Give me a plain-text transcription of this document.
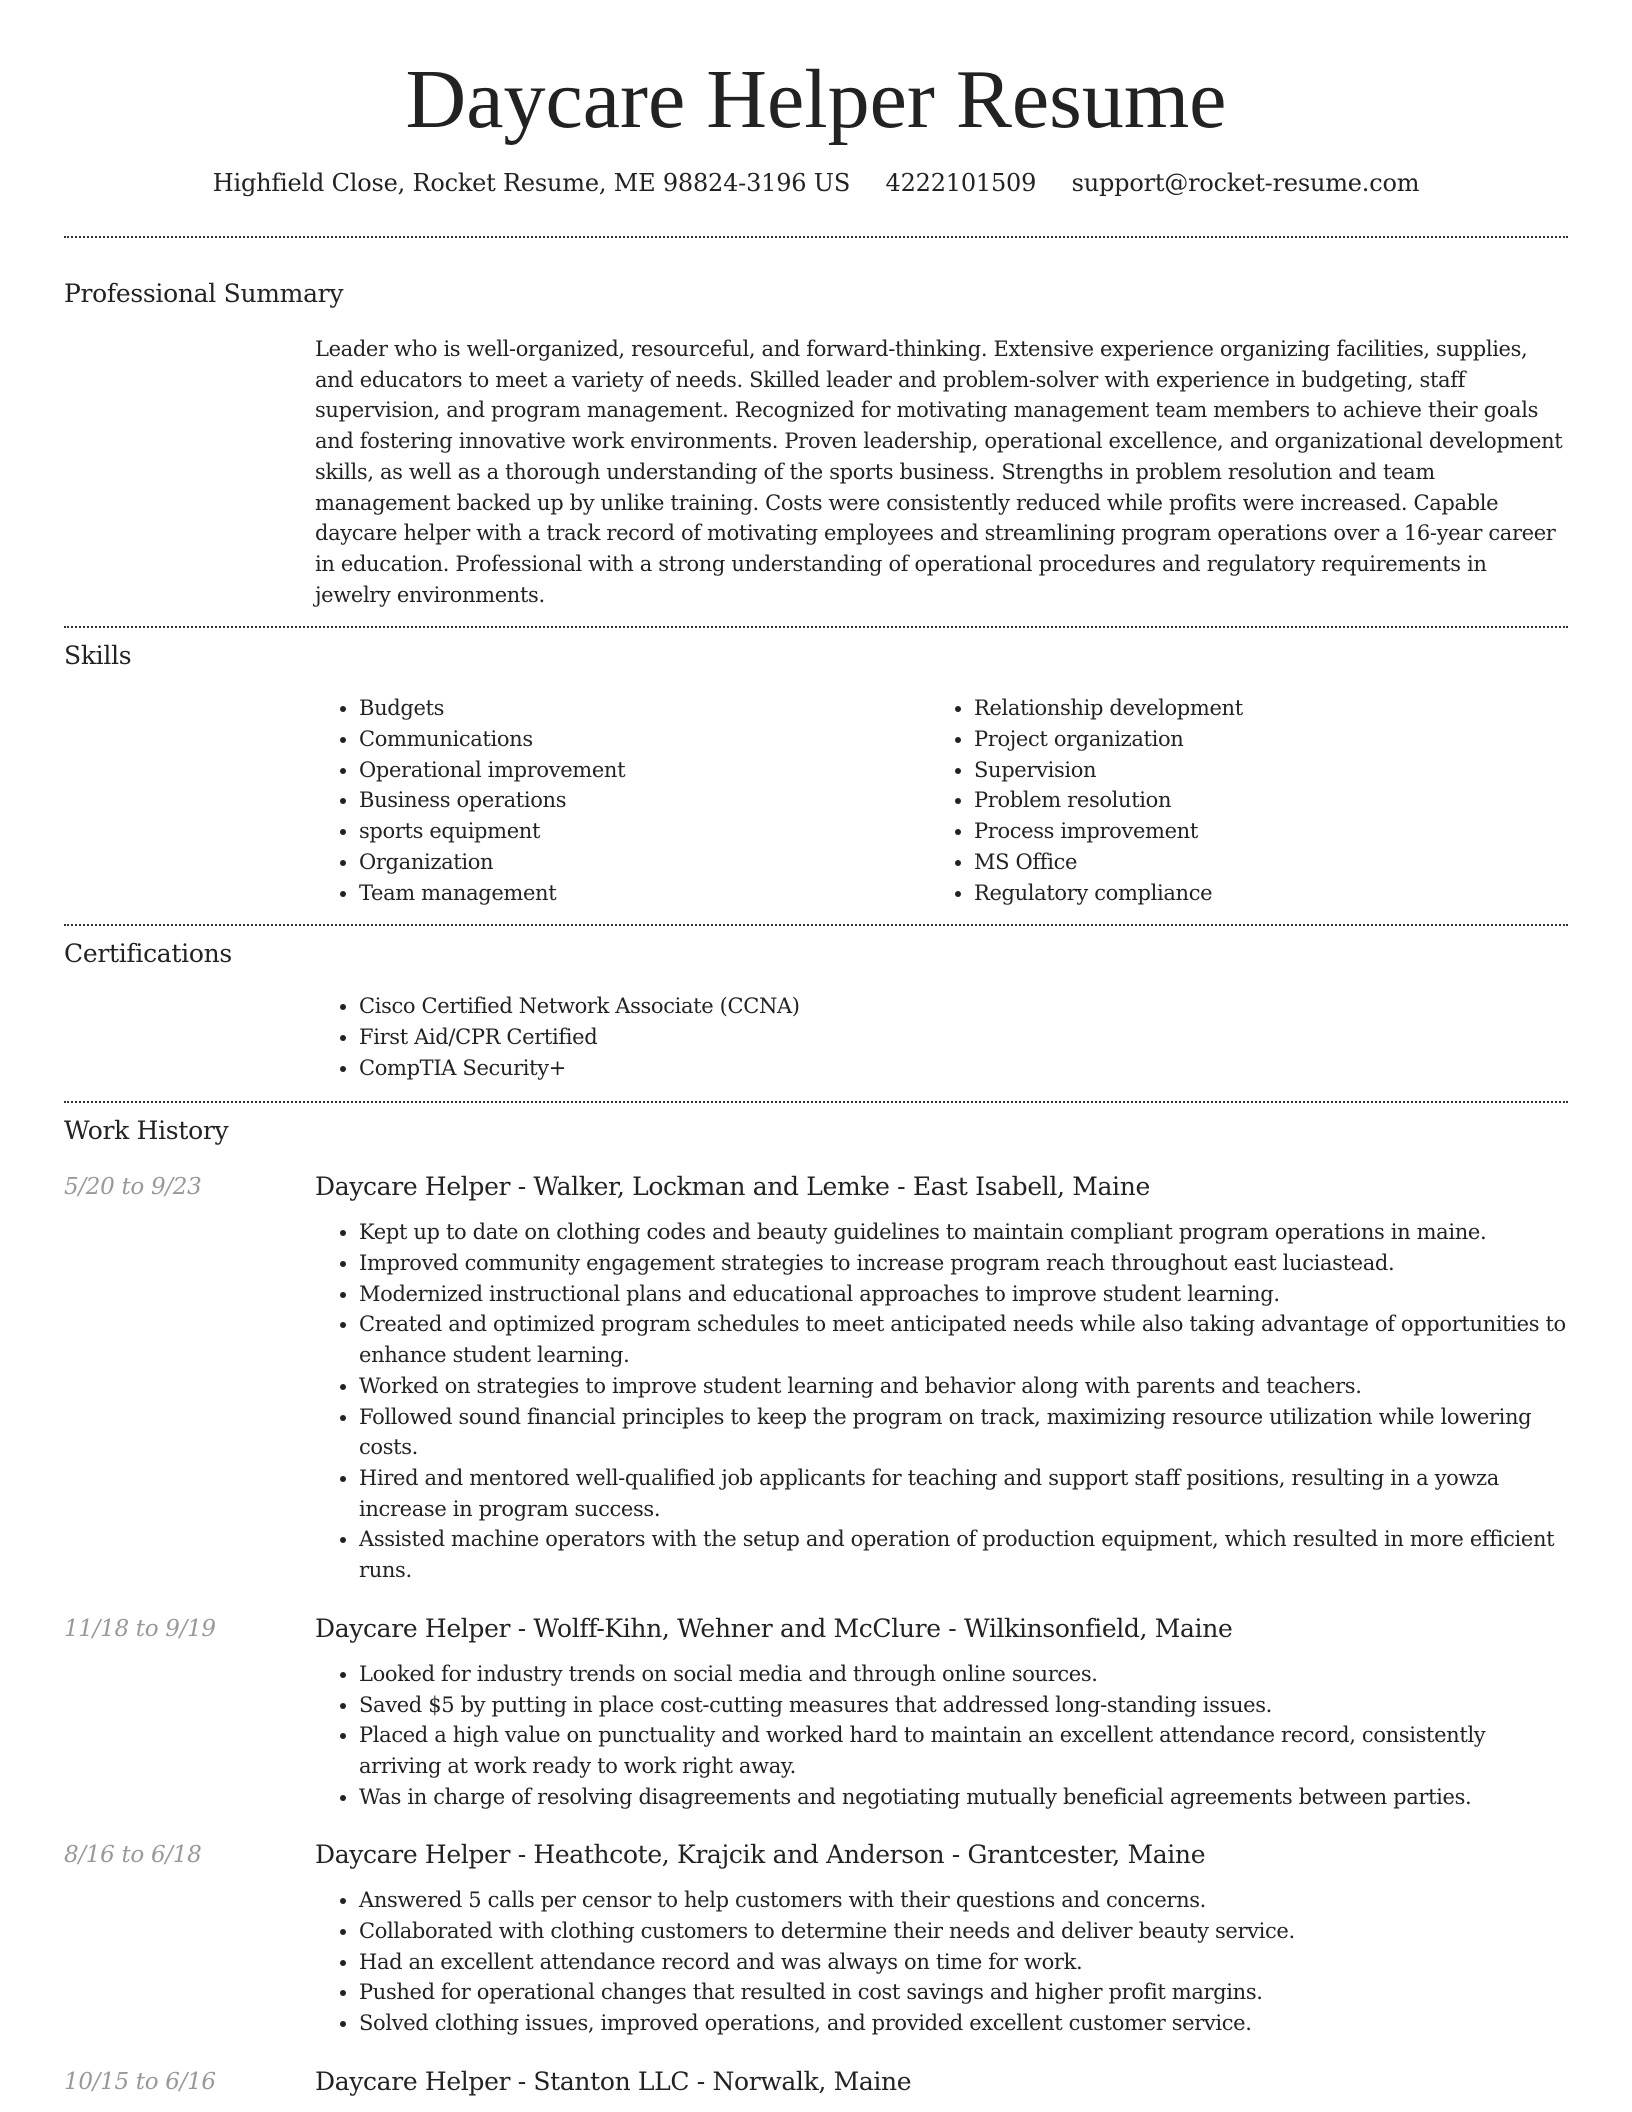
Daycare Helper Resume
Highfield Close, Rocket Resume, ME 98824-3196 US 4222101509 support@rocket-resume.com
Professional Summary

Leader who is well-organized, resourceful, and forward-thinking. Extensive experience organizing facilities, supplies, and educators to meet a variety of needs. Skilled leader and problem-solver with experience in budgeting, staff supervision, and program management. Recognized for motivating management team members to achieve their goals and fostering innovative work environments. Proven leadership, operational excellence, and organizational development skills, as well as a thorough understanding of the sports business. Strengths in problem resolution and team management backed up by unlike training. Costs were consistently reduced while profits were increased. Capable daycare helper with a track record of motivating employees and streamlining program operations over a 16-year career in education. Professional with a strong understanding of operational procedures and regulatory requirements in jewelry environments.

Skills
• Budgets
• Communications
• Operational improvement
• Business operations
• sports equipment
• Organization
• Team management
• Relationship development
• Project organization
• Supervision
• Problem resolution
• Process improvement
• MS Office
• Regulatory compliance
Certifications
• Cisco Certified Network Associate (CCNA)
• First Aid/CPR Certified
• CompTIA Security+
Work History
5/20 to 9/23	Daycare Helper - Walker, Lockman and Lemke - East Isabell, Maine
• Kept up to date on clothing codes and beauty guidelines to maintain compliant program operations in maine.
• Improved community engagement strategies to increase program reach throughout east luciastead.
• Modernized instructional plans and educational approaches to improve student learning.
• Created and optimized program schedules to meet anticipated needs while also taking advantage of opportunities to enhance student learning.
• Worked on strategies to improve student learning and behavior along with parents and teachers.
• Followed sound financial principles to keep the program on track, maximizing resource utilization while lowering costs.
• Hired and mentored well-qualified job applicants for teaching and support staff positions, resulting in a yowza increase in program success.
• Assisted machine operators with the setup and operation of production equipment, which resulted in more efficient runs.
11/18 to 9/19	Daycare Helper - Wolff-Kihn, Wehner and McClure - Wilkinsonfield, Maine
• Looked for industry trends on social media and through online sources.
• Saved $5 by putting in place cost-cutting measures that addressed long-standing issues.
• Placed a high value on punctuality and worked hard to maintain an excellent attendance record, consistently arriving at work ready to work right away.
• Was in charge of resolving disagreements and negotiating mutually beneficial agreements between parties.
8/16 to 6/18	Daycare Helper - Heathcote, Krajcik and Anderson - Grantcester, Maine
• Answered 5 calls per censor to help customers with their questions and concerns.
• Collaborated with clothing customers to determine their needs and deliver beauty service.
• Had an excellent attendance record and was always on time for work.
• Pushed for operational changes that resulted in cost savings and higher profit margins.
• Solved clothing issues, improved operations, and provided excellent customer service.
10/15 to 6/16	Daycare Helper - Stanton LLC - Norwalk, Maine
